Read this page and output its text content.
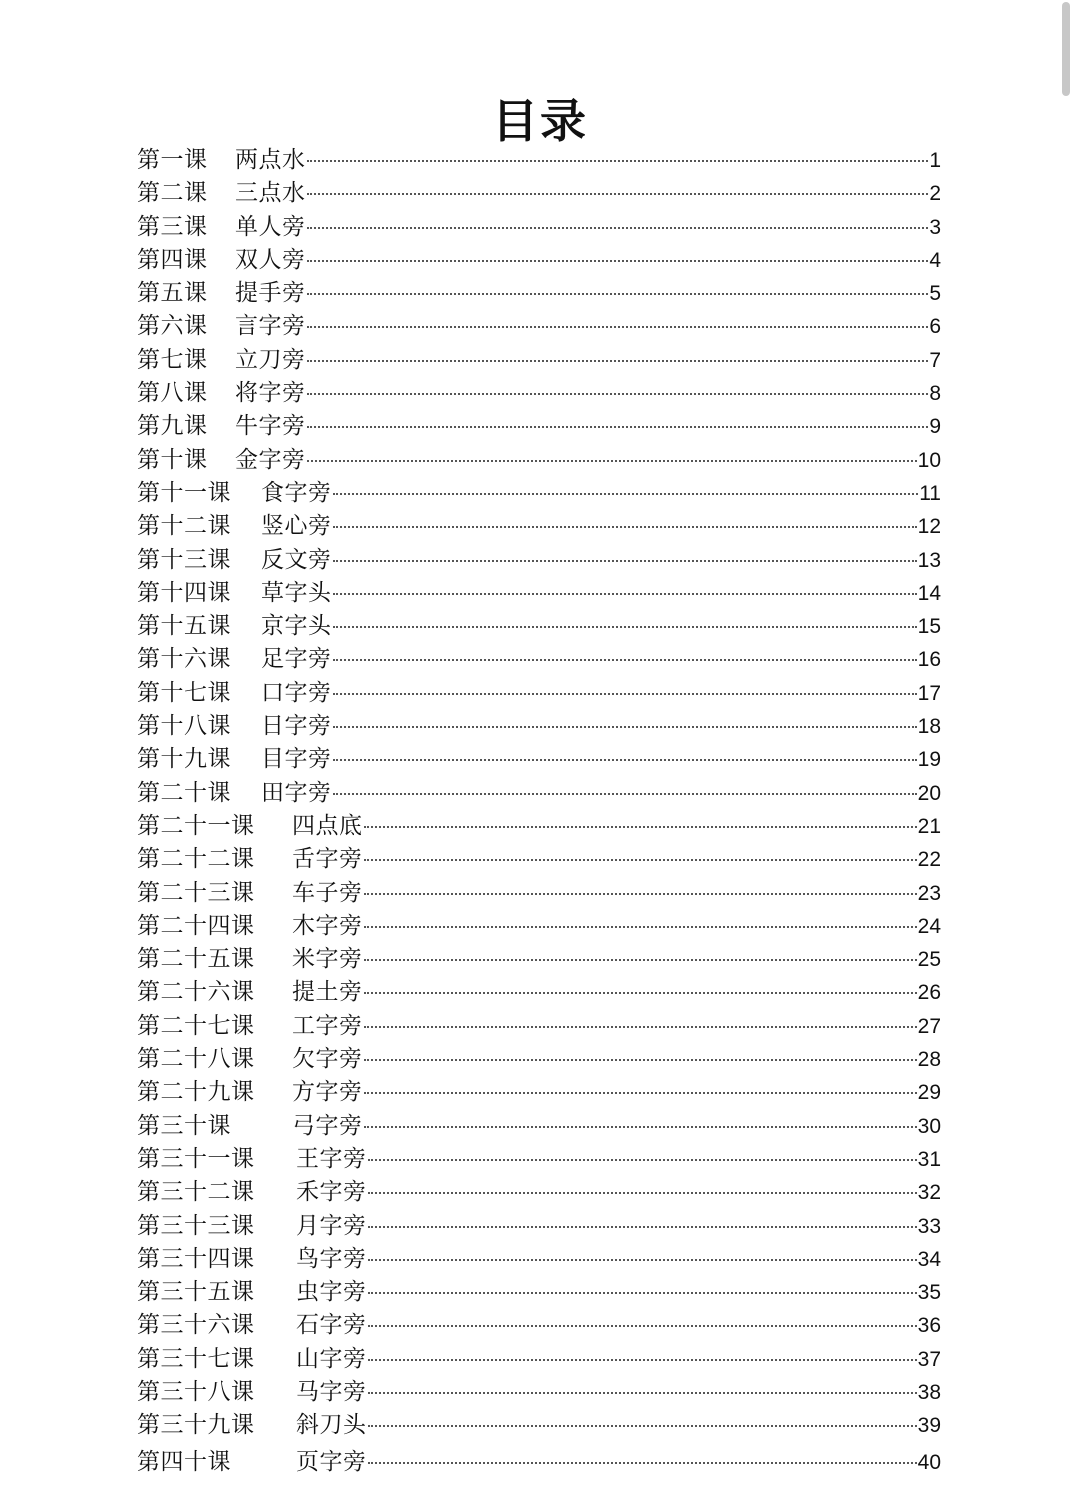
目录
第一课	两点水	1
第二课	三点水	2
第三课	单人旁	3
第四课	双人旁	4
第五课	提手旁	5
第六课	言字旁	6
第七课	立刀旁	7
第八课	将字旁	8
第九课	牛字旁	9
第十课	金字旁	10
第十一课	食字旁	11
第十二课	竖心旁	12
第十三课	反文旁	13
第十四课	草字头	14
第十五课	京字头	15
第十六课	足字旁	16
第十七课	口字旁	17
第十八课	日字旁	18
第十九课	目字旁	19
第二十课	田字旁	20
第二十一课	四点底	21
第二十二课	舌字旁	22
第二十三课	车子旁	23
第二十四课	木字旁	24
第二十五课	米字旁	25
第二十六课	提土旁	26
第二十七课	工字旁	27
第二十八课	欠字旁	28
第二十九课	方字旁	29
第三十课	弓字旁	30
第三十一课	王字旁	31
第三十二课	禾字旁	32
第三十三课	月字旁	33
第三十四课	鸟字旁	34
第三十五课	虫字旁	35
第三十六课	石字旁	36
第三十七课	山字旁	37
第三十八课	马字旁	38
第三十九课	斜刀头	39
第四十课	页字旁	40
